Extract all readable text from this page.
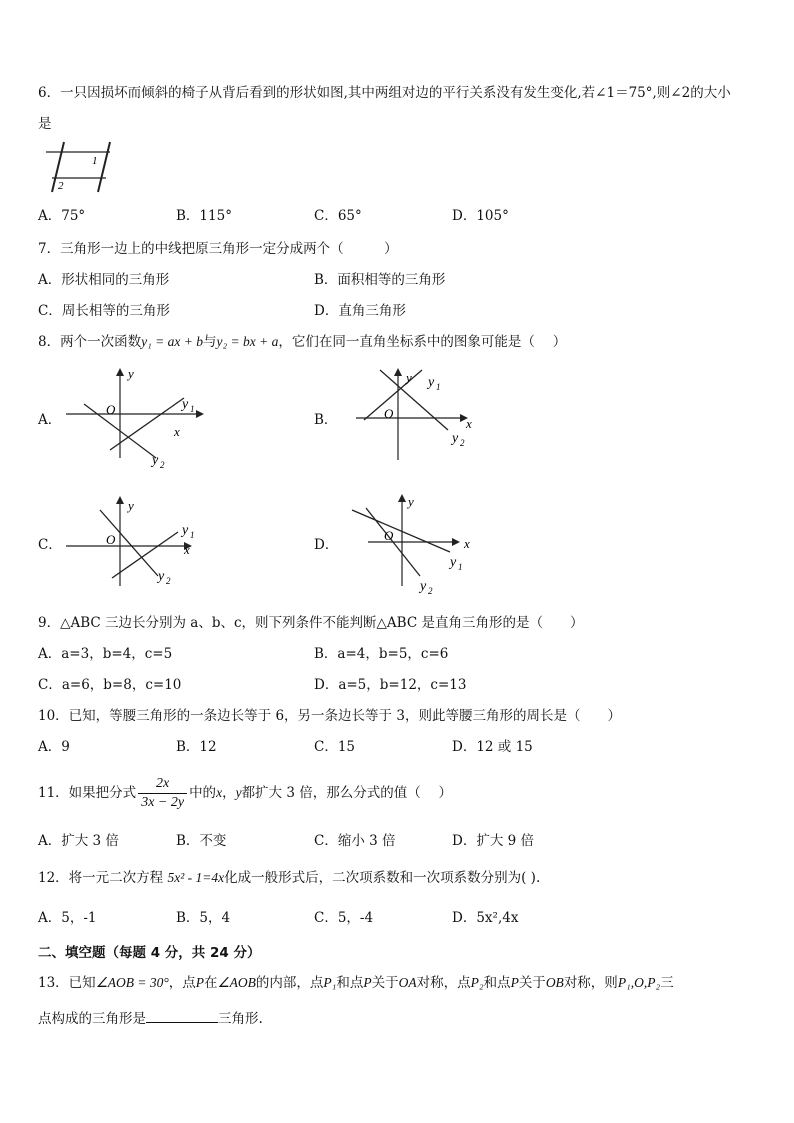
6．一只因损坏而倾斜的椅子从背后看到的形状如图,其中两组对边的平行关系没有发生变化,若∠1＝75°,则∠2的大小
是
1
2
A．75°	B．115°	C．65°	D．105°
7．三角形一边上的中线把原三角形一定分成两个（　　　）
A．形状相同的三角形	B．面积相等的三角形
C．周长相等的三角形	D．直角三角形
8．两个一次函数y₁ = ax + b与y₂ = bx + a，它们在同一直角坐标系中的图象可能是（　 ）
A．	B．
C．	D．
y
x
O	y 1
y 2
y
x
O
y 1
y 2
y
x
O
y 1
y 2
y
x
O
y 1
y 2
9．△ABC 三边长分别为 a、b、c，则下列条件不能判断△ABC 是直角三角形的是（　　）
A．a=3，b=4，c=5	B．a=4，b=5，c=6
C．a=6，b=8，c=10	D．a=5，b=12，c=13
10．已知，等腰三角形的一条边长等于 6，另一条边长等于 3，则此等腰三角形的周长是（　　）
A．9	B．12	C．15	D．12 或 15
11．如果把分式 $\frac{2x}{3x - 2y}$ 中的x，y都扩大 3 倍，那么分式的值（　 ）
A．扩大 3 倍	B．不变	C．缩小 3 倍	D．扩大 9 倍
12．将一元二次方程 5x² - 1=4x化成一般形式后，二次项系数和一次项系数分别为( ).
A．5，-1	B．5，4	C．5，-4	D．5x²,4x
二、填空题（每题 4 分，共 24 分）
13．已知∠AOB = 30°，点P在∠AOB的内部，点P₁和点P关于OA对称，点P₂和点P关于OB对称，则P₁,O,P₂三
点构成的三角形是	三角形.
